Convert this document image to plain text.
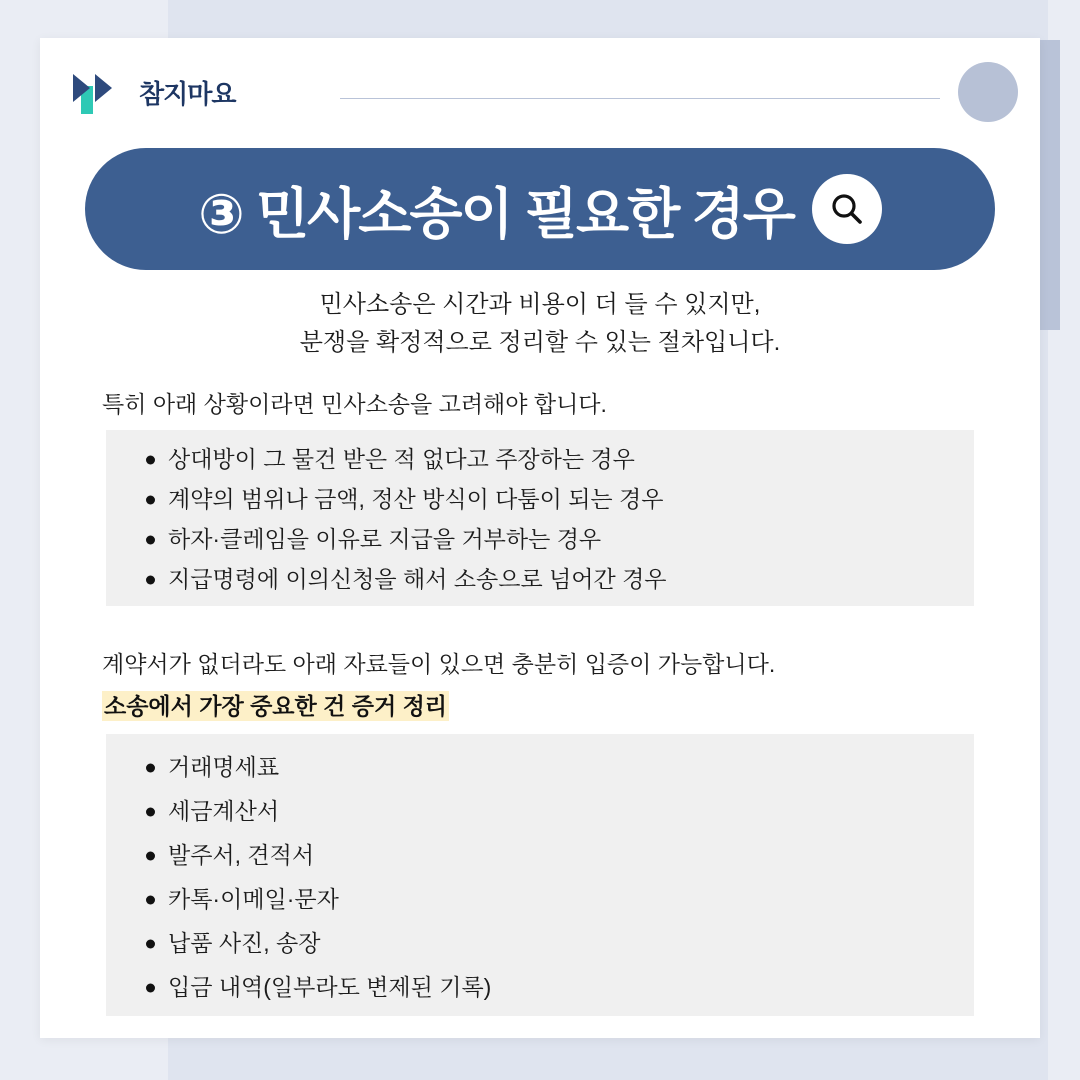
참지마요
③ 민사소송이 필요한 경우
민사소송은 시간과 비용이 더 들 수 있지만,
분쟁을 확정적으로 정리할 수 있는 절차입니다.
특히 아래 상황이라면 민사소송을 고려해야 합니다.
상대방이 그 물건 받은 적 없다고 주장하는 경우
계약의 범위나 금액, 정산 방식이 다툼이 되는 경우
하자·클레임을 이유로 지급을 거부하는 경우
지급명령에 이의신청을 해서 소송으로 넘어간 경우
계약서가 없더라도 아래 자료들이 있으면 충분히 입증이 가능합니다.
소송에서 가장 중요한 건 증거 정리
거래명세표
세금계산서
발주서, 견적서
카톡·이메일·문자
납품 사진, 송장
입금 내역(일부라도 변제된 기록)
